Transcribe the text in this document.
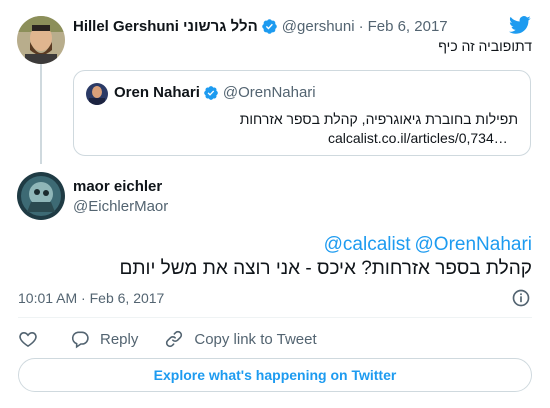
Hillel Gershuni הלל גרשוני @gershuni · Feb 6, 2017
דתופוביה זה כיף
Oren Nahari @OrenNahari
תפילות בחוברת גיאוגרפיה, קהלת בספר אזרחות
calcalist.co.il/articles/0,734…
maor eichler
@EichlerMaor
@calcalist @OrenNahari
קהלת בספר אזרחות? איכס - אני רוצה את משל יותם
10:01 AM · Feb 6, 2017
Reply	Copy link to Tweet
Explore what's happening on Twitter
